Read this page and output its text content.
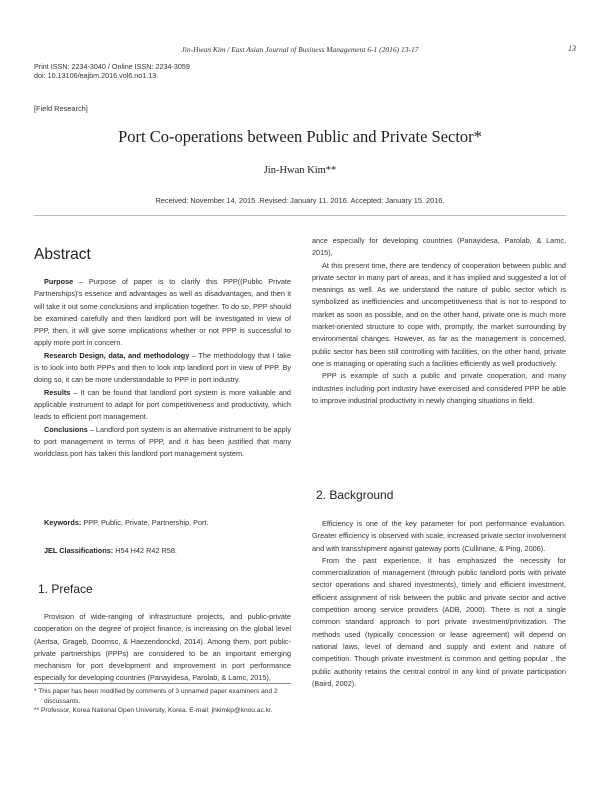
Jin-Hwan Kim / East Asian Journal of Business Management 6-1 (2016) 13-17	13
Print ISSN: 2234-3040 / Online ISSN: 2234-3059
doi: 10.13106/eajbm.2016.vol6.no1.13.
[Field Research]
Port Co-operations between Public and Private Sector*
Jin-Hwan Kim**
Received: November 14, 2015 .Revised: January 11. 2016. Accepted: January 15. 2016.
Abstract

Purpose – Purpose of paper is to clarify this PPP((Public Private Partnerships)'s essence and advantages as well as disadvantages, and then it will take it out some conclusions and implication together. To do so, PPP should be examined carefully and then landlord port will be investigated in view of PPP, then, it will give some implications whether or not PPP is successful to apply more port in concern.

Research Design, data, and methodology – The methodology that I take is to look into both PPPs and then to look intp landlord port in view of PPP. By doing so, it can be more understandable to PPP in port industry.

Results – It can be found that landlord port system is more valuable and applicable instrument to adapt for port competitiveness and productivity, which leads to efficient port management.

Conclusions – Landlord port system is an alternative instrument to be apply to port management in terms of PPP, and it has been justified that many worldclass port has taken this landlord port management system.

Keywords: PPP, Public, Private, Partnership, Port.
JEL Classifications: H54 H42 R42 R58.
1. Preface

Provision of wide-ranging of infrastructure projects, and public-private cooperation on the degree of project finance, is increasing on the global level (Aertsa, Grageb, Doomsc, & Haezendonckd, 2014). Among them, port public-private partnerships (PPPs) are considered to be an important emerging mechanism for port development and improvement in port performance especially for developing countries (Panayidesa, Parolab, & Lamc, 2015),

* This paper has been modified by comments of 3 unnamed paper examiners and 2 discussants.
** Professor, Korea National Open University, Korea. E-mail: jhkimkp@knou.ac.kr.

ance especially for developing countries (Panayidesa, Parolab, & Lamc, 2015),

At this present time, there are tendency of cooperation between public and private sector in many part of areas, and it has implied and suggested a lot of meanings as well. As we understand the nature of public sector which is symbolized as inefficiencies and uncompetitiveness that is not to respond to market as soon as possible, and on the other hand, private one is much more market-oriented structure to cope with, promptly, the market surrounding by environmental changes. However, as far as the management is concerned, public sector has been still controlling with facilities, on the other hand, private one is managing or operating such a facilities efficiently as well productively.

PPP is example of such a public and private cooperation, and many industries including port industry have exercised and considered PPP be able to improve industrial productivity in newly changing situations in field.

2. Background

Efficiency is one of the key parameter for port performance evaluation. Greater efficiency is observed with scale, increased private sector involvement and with transshipment against gateway ports (Cullinane, & Ping, 2006).

From the past experience, it has emphasized the necessity for commercialization of management (through public landlord ports with private sector operations and shared investments), timely and efficient investment, efficient assignment of risk between the public and private sector and active competition among service providers (ADB, 2000). There is not a single common standard approach to port private investment/privitization. The methods used (typically concession or lease agreement) will depend on national laws, level of demand and supply and extent and nature of competition. Though private investment is common and getting popular , the public authority retains the central control in any kind of private participation (Baird, 2002).
